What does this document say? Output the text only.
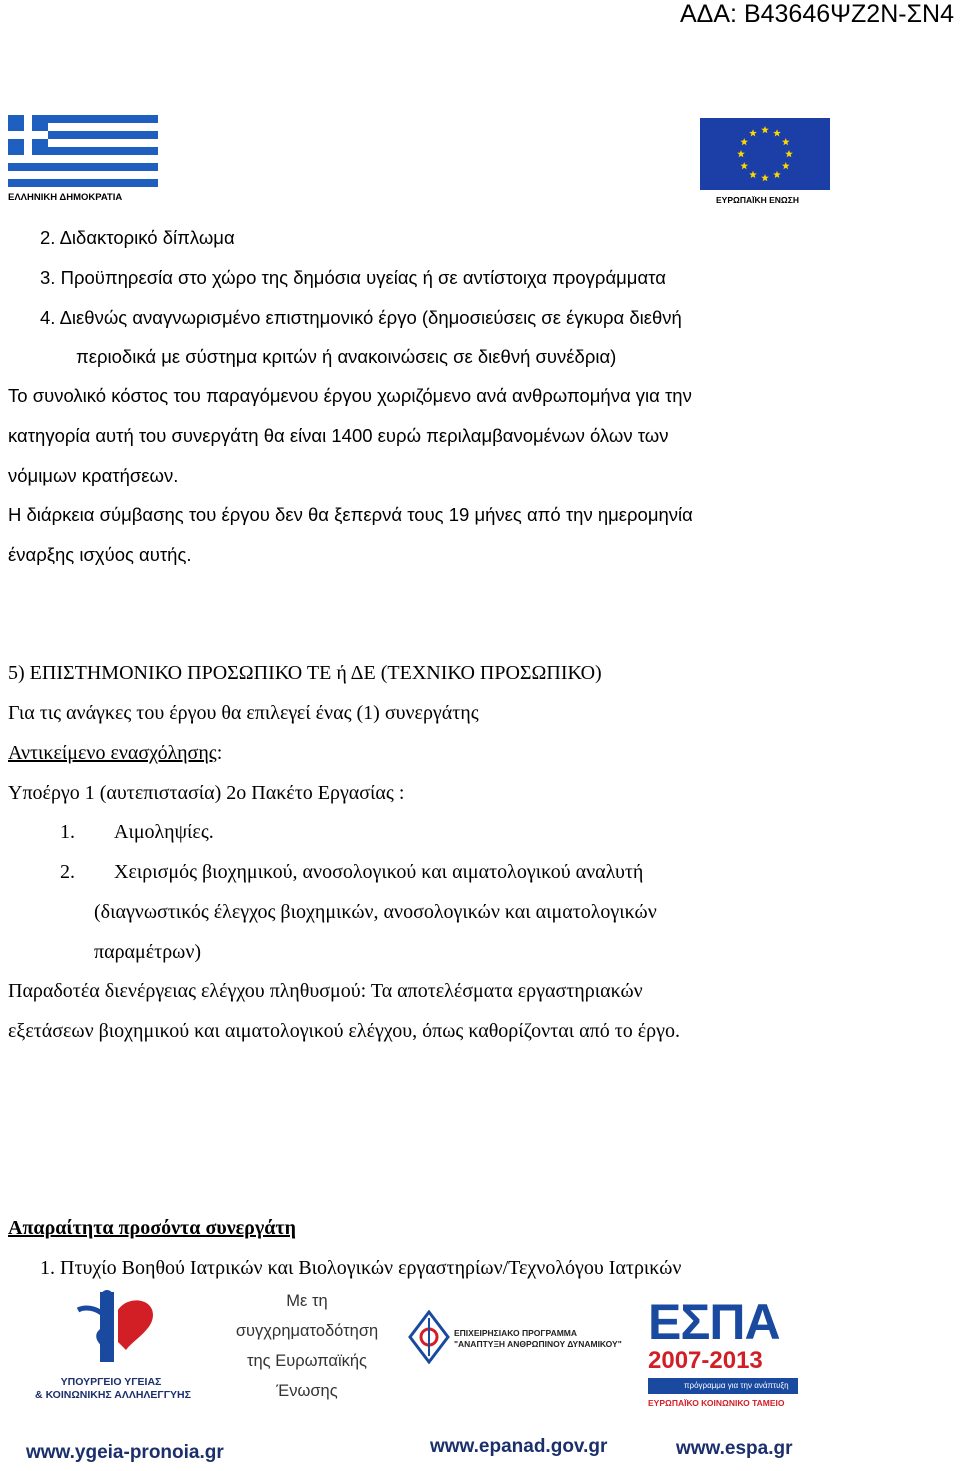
ΑΔΑ: Β43646ΨΖ2Ν-ΣΝ4
ΕΛΛΗΝΙΚΗ ΔΗΜΟΚΡΑΤΙΑ	ΕΥΡΩΠΑΪΚΗ ΕΝΩΣΗ
2. Διδακτορικό δίπλωμα
3. Προϋπηρεσία στο χώρο της δημόσια υγείας ή σε αντίστοιχα προγράμματα
4. Διεθνώς αναγνωρισμένο επιστημονικό έργο (δημοσιεύσεις σε έγκυρα διεθνή
περιοδικά με σύστημα κριτών ή ανακοινώσεις σε διεθνή συνέδρια)
Το συνολικό κόστος του παραγόμενου έργου χωριζόμενο ανά ανθρωπομήνα για την
κατηγορία αυτή του συνεργάτη θα είναι 1400 ευρώ περιλαμβανομένων όλων των
νόμιμων κρατήσεων.
Η διάρκεια σύμβασης του έργου δεν θα ξεπερνά τους 19 μήνες από την ημερομηνία
έναρξης ισχύος αυτής.
5) ΕΠΙΣΤΗΜΟΝΙΚΟ ΠΡΟΣΩΠΙΚΟ ΤΕ ή ΔΕ (ΤΕΧΝΙΚΟ ΠΡΟΣΩΠΙΚΟ)
Για τις ανάγκες του έργου θα επιλεγεί ένας (1) συνεργάτης
Αντικείμενο ενασχόλησης:
Υποέργο 1 (αυτεπιστασία) 2ο Πακέτο Εργασίας :
1. Αιμοληψίες.
2. Χειρισμός βιοχημικού, ανοσολογικού και αιματολογικού αναλυτή
(διαγνωστικός έλεγχος βιοχημικών, ανοσολογικών και αιματολογικών
παραμέτρων)
Παραδοτέα διενέργειας ελέγχου πληθυσμού: Τα αποτελέσματα εργαστηριακών
εξετάσεων βιοχημικού και αιματολογικού ελέγχου, όπως καθορίζονται από το έργο.
Απαραίτητα προσόντα συνεργάτη
1. Πτυχίο Βοηθού Ιατρικών και Βιολογικών εργαστηρίων/Τεχνολόγου Ιατρικών
ΥΠΟΥΡΓΕΙΟ ΥΓΕΙΑΣ
& ΚΟΙΝΩΝΙΚΗΣ ΑΛΛΗΛΕΓΓΥΗΣ
Με τη
συγχρηματοδότηση
της Ευρωπαϊκής
Ένωσης
ΕΠΙΧΕΙΡΗΣΙΑΚΟ ΠΡΟΓΡΑΜΜΑ
"ΑΝΑΠΤΥΞΗ ΑΝΘΡΩΠΙΝΟΥ ΔΥΝΑΜΙΚΟΥ" ΕΣΠΑ
2007-2013
πρόγραμμα για την ανάπτυξη
ΕΥΡΩΠΑΪΚΟ ΚΟΙΝΩΝΙΚΟ ΤΑΜΕΙΟ
www.ygeia-pronoia.gr	www.epanad.gov.gr	www.espa.gr
